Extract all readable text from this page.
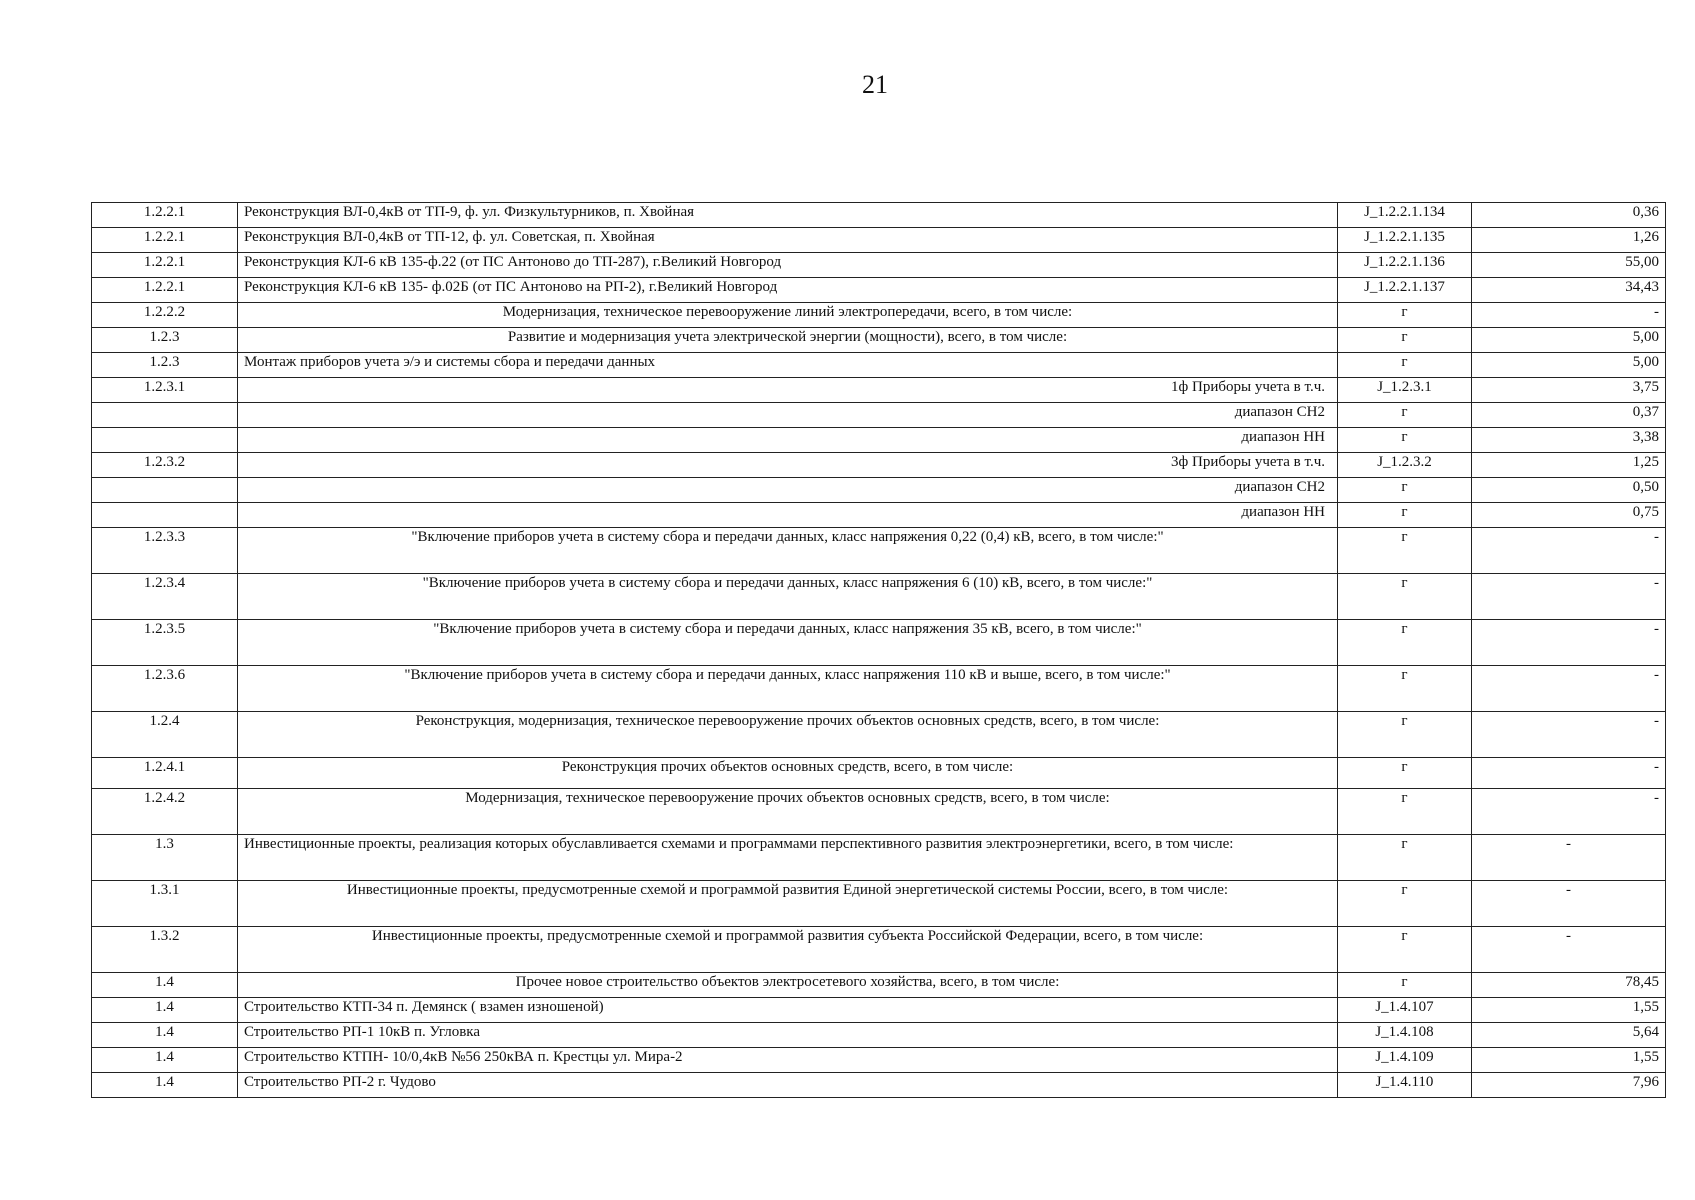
21
1.2.2.1	Реконструкция ВЛ-0,4кВ от ТП-9, ф. ул. Физкультурников, п. Хвойная	J_1.2.2.1.134	0,36
1.2.2.1	Реконструкция ВЛ-0,4кВ от ТП-12, ф. ул. Советская, п. Хвойная	J_1.2.2.1.135	1,26
1.2.2.1	Реконструкция КЛ-6 кВ 135-ф.22 (от ПС Антоново до ТП-287), г.Великий Новгород	J_1.2.2.1.136	55,00
1.2.2.1	Реконструкция КЛ-6 кВ 135- ф.02Б (от ПС Антоново на РП-2), г.Великий Новгород	J_1.2.2.1.137	34,43
1.2.2.2	Модернизация, техническое перевооружение линий электропередачи, всего, в том числе:	г	-
1.2.3	Развитие и модернизация учета электрической энергии (мощности), всего, в том числе:	г	5,00
1.2.3	Монтаж приборов учета э/э и системы сбора и передачи данных	г	5,00
1.2.3.1	1ф Приборы учета в т.ч.	J_1.2.3.1	3,75
	диапазон СН2	г	0,37
	диапазон НН	г	3,38
1.2.3.2	3ф Приборы учета в т.ч.	J_1.2.3.2	1,25
	диапазон СН2	г	0,50
	диапазон НН	г	0,75
1.2.3.3	"Включение приборов учета в систему сбора и передачи данных, класс напряжения 0,22 (0,4) кВ, всего, в том числе:"	г	-
1.2.3.4	"Включение приборов учета в систему сбора и передачи данных, класс напряжения 6 (10) кВ, всего, в том числе:"	г	-
1.2.3.5	"Включение приборов учета в систему сбора и передачи данных, класс напряжения 35 кВ, всего, в том числе:"	г	-
1.2.3.6	"Включение приборов учета в систему сбора и передачи данных, класс напряжения 110 кВ и выше, всего, в том числе:"	г	-
1.2.4	Реконструкция, модернизация, техническое перевооружение прочих объектов основных средств, всего, в том числе:	г	-
1.2.4.1	Реконструкция прочих объектов основных средств, всего, в том числе:	г	-
1.2.4.2	Модернизация, техническое перевооружение прочих объектов основных средств, всего, в том числе:	г	-
1.3	Инвестиционные проекты, реализация которых обуславливается схемами и программами перспективного развития электроэнергетики, всего, в том числе:	г	-
1.3.1	Инвестиционные проекты, предусмотренные схемой и программой развития Единой энергетической системы России, всего, в том числе:	г	-
1.3.2	Инвестиционные проекты, предусмотренные схемой и программой развития субъекта Российской Федерации, всего, в том числе:	г	-
1.4	Прочее новое строительство объектов электросетевого хозяйства, всего, в том числе:	г	78,45
1.4	Строительство КТП-34 п. Демянск ( взамен изношеной)	J_1.4.107	1,55
1.4	Строительство РП-1 10кВ п. Угловка	J_1.4.108	5,64
1.4	Строительство КТПН- 10/0,4кВ №56 250кВА п. Крестцы ул. Мира-2	J_1.4.109	1,55
1.4	Строительство РП-2 г. Чудово	J_1.4.110	7,96
